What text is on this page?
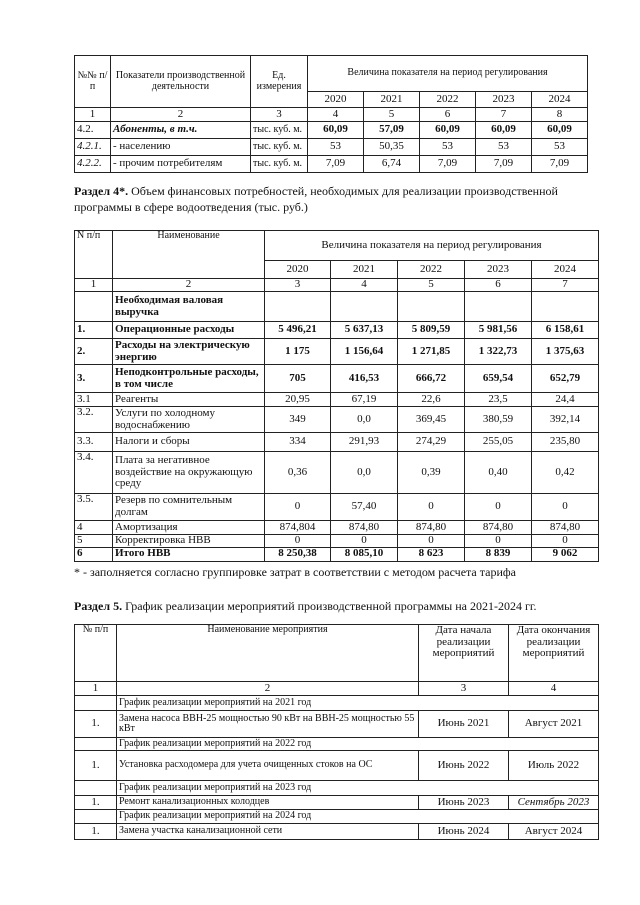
№№ п/п	Показатели производственной деятельности	Ед. измерения	Величина показателя на период регулирования				
			2020	2021	2022	2023	2024
1	2	3	4	5	6	7	8
4.2.	Абоненты, в т.ч.	тыс. куб. м.	60,09	57,09	60,09	60,09	60,09
4.2.1.	- населению	тыс. куб. м.	53	50,35	53	53	53
4.2.2.	- прочим потребителям	тыс. куб. м.	7,09	6,74	7,09	7,09	7,09
Раздел 4*. Объем финансовых потребностей, необходимых для реализации производственной программы в сфере водоотведения (тыс. руб.)
N п/п	Наименование	Величина показателя на период регулирования				
		2020	2021	2022	2023	2024
1	2	3	4	5	6	7
	Необходимая валовая выручка					
1.	Операционные расходы	5 496,21	5 637,13	5 809,59	5 981,56	6 158,61
2.	Расходы на электрическую энергию	1 175	1 156,64	1 271,85	1 322,73	1 375,63
3.	Неподконтрольные расходы, в том числе	705	416,53	666,72	659,54	652,79
3.1	Реагенты	20,95	67,19	22,6	23,5	24,4
3.2.	Услуги по холодному водоснабжению	349	0,0	369,45	380,59	392,14
3.3.	Налоги и сборы	334	291,93	274,29	255,05	235,80
3.4.	Плата за негативное воздействие на окружающую среду	0,36	0,0	0,39	0,40	0,42
3.5.	Резерв по сомнительным долгам	0	57,40	0	0	0
4	Амортизация	874,804	874,80	874,80	874,80	874,80
5	Корректировка НВВ	0	0	0	0	0
6	Итого НВВ	8 250,38	8 085,10	8 623	8 839	9 062
* - заполняется согласно группировке затрат в соответствии с методом расчета тарифа
Раздел 5. График реализации мероприятий производственной программы на 2021-2024 гг.
№ п/п	Наименование мероприятия	Дата начала реализации мероприятий	Дата окончания реализации мероприятий
1	2	3	4
	График реализации мероприятий на 2021 год		
1.	Замена насоса ВВН-25 мощностью 90 кВт на ВВН-25 мощностью 55 кВт	Июнь 2021	Август 2021
	График реализации мероприятий на 2022 год		
1.	Установка расходомера для учета очищенных стоков на ОС	Июнь 2022	Июль 2022
	График реализации мероприятий на 2023 год		
1.	Ремонт канализационных колодцев	Июнь 2023	Сентябрь 2023
	График реализации мероприятий на 2024 год		
1.	Замена участка канализационной сети	Июнь 2024	Август 2024
